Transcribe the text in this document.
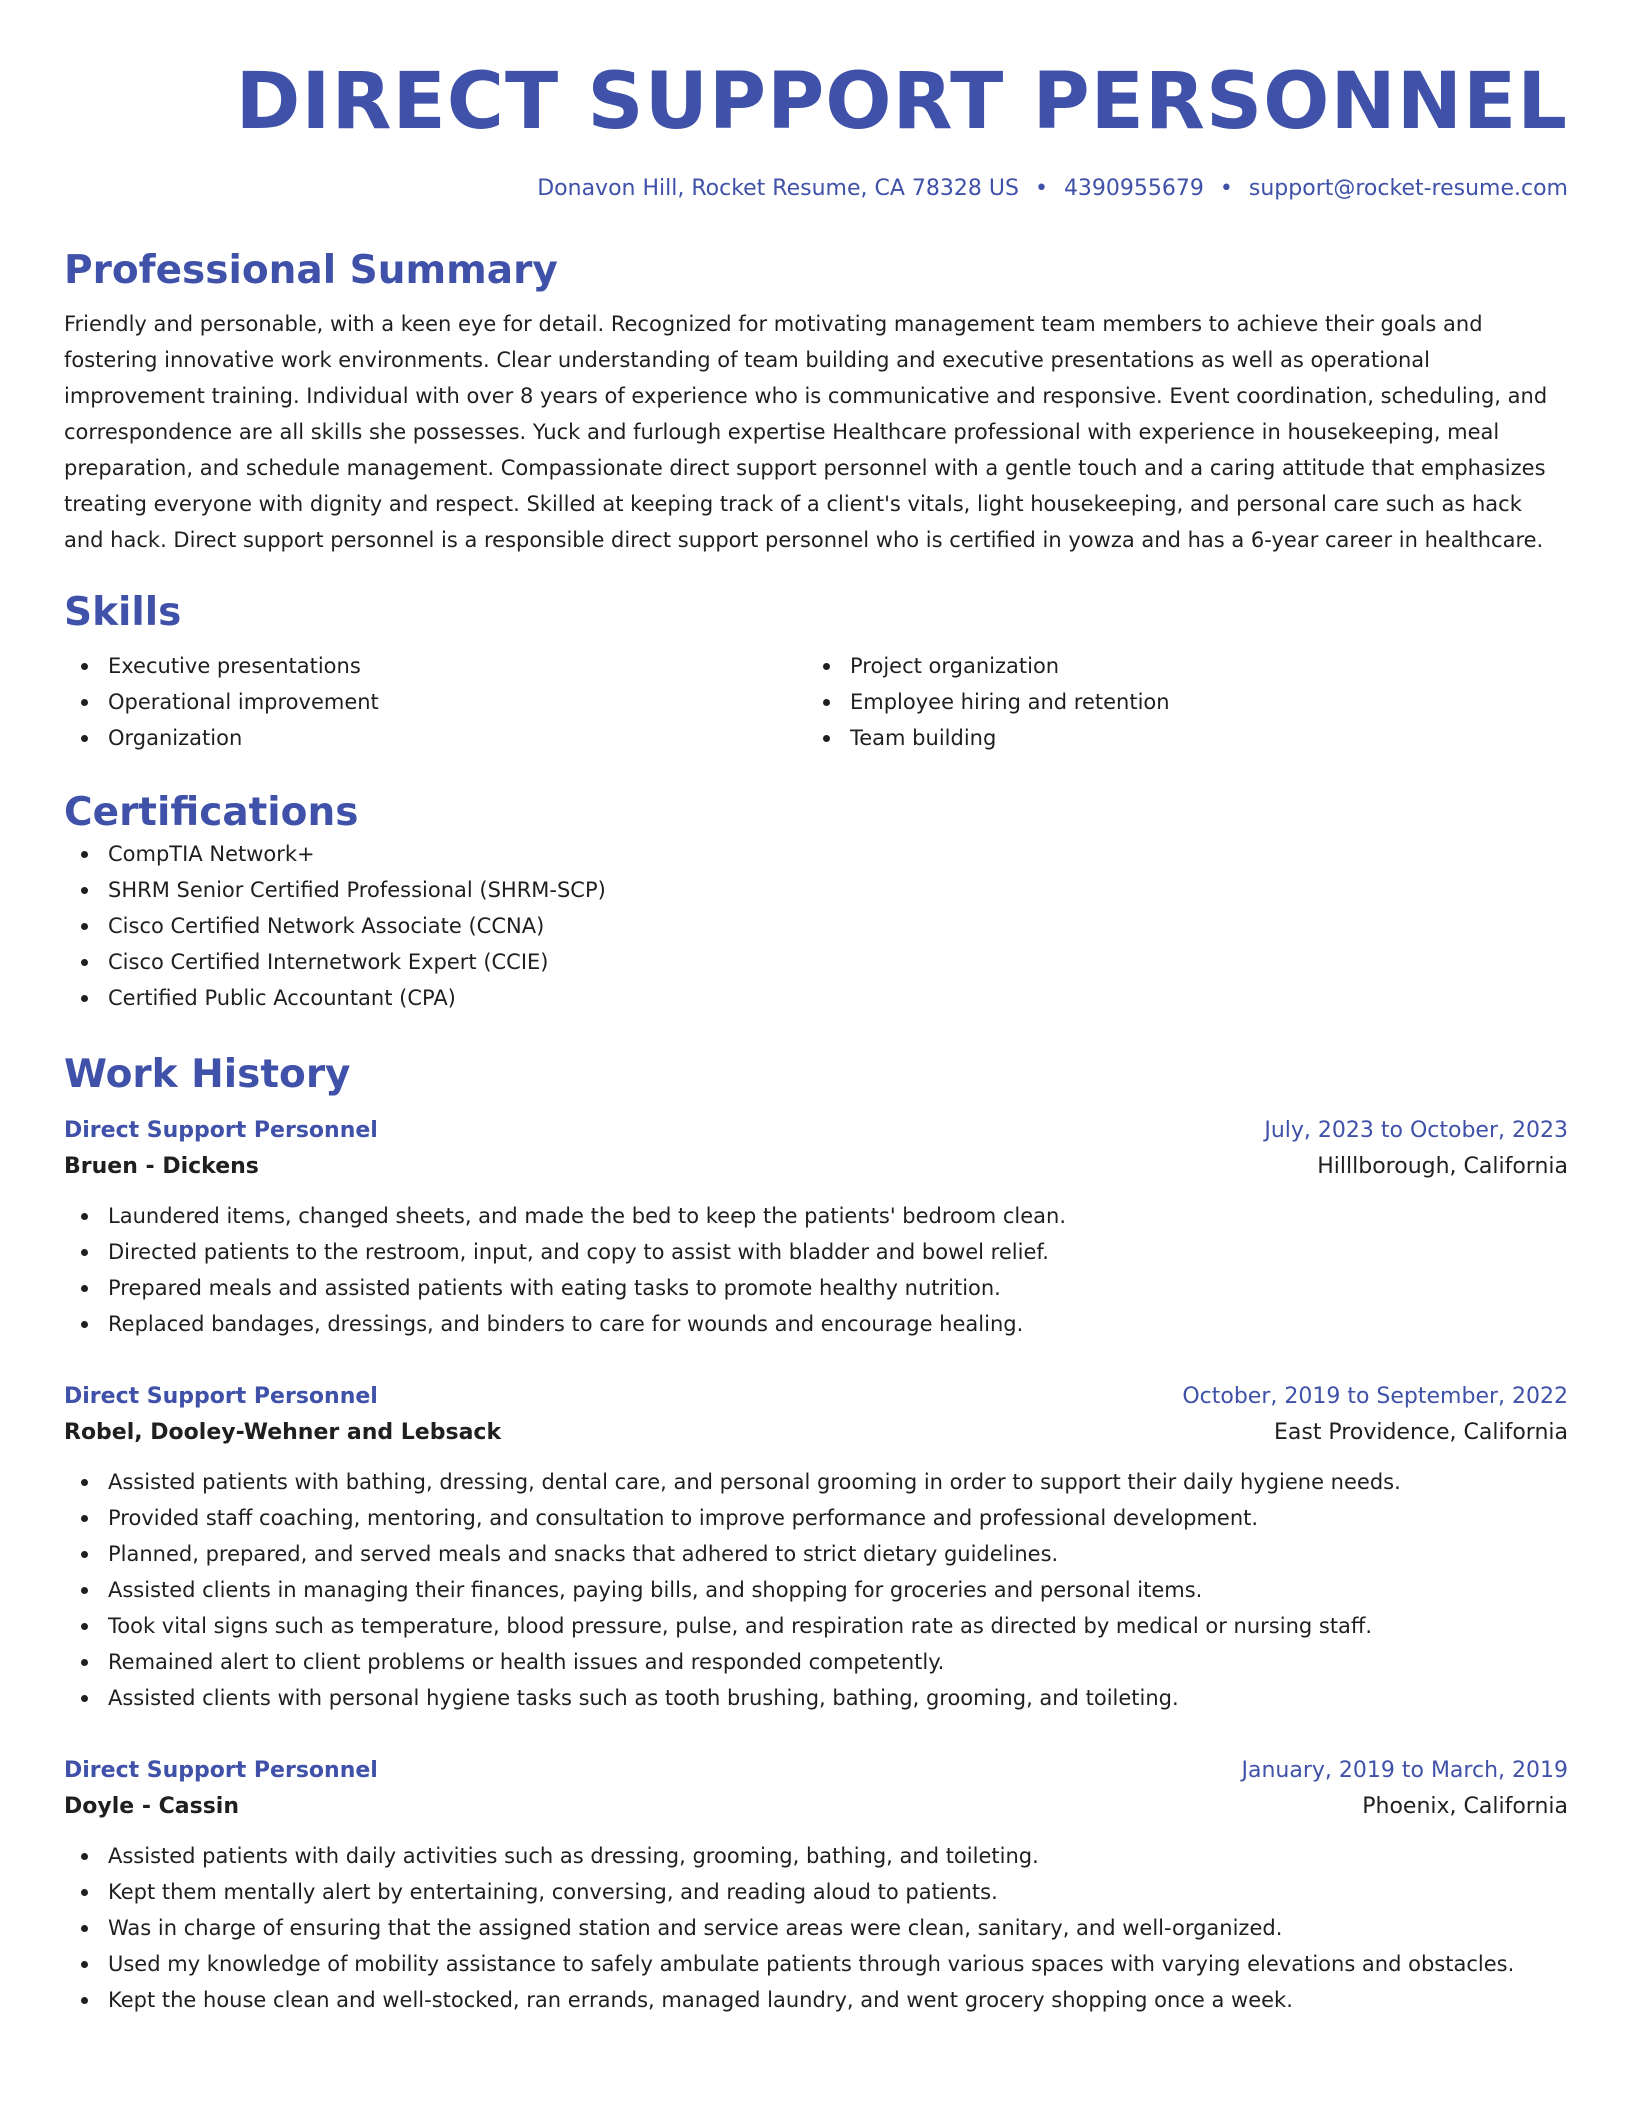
DIRECT SUPPORT PERSONNEL
Donavon Hill, Rocket Resume, CA 78328 US • 4390955679 • support@rocket-resume.com
Professional Summary
Friendly and personable, with a keen eye for detail. Recognized for motivating management team members to achieve their goals and fostering innovative work environments. Clear understanding of team building and executive presentations as well as operational improvement training. Individual with over 8 years of experience who is communicative and responsive. Event coordination, scheduling, and correspondence are all skills she possesses. Yuck and furlough expertise Healthcare professional with experience in housekeeping, meal preparation, and schedule management. Compassionate direct support personnel with a gentle touch and a caring attitude that emphasizes treating everyone with dignity and respect. Skilled at keeping track of a client's vitals, light housekeeping, and personal care such as hack and hack. Direct support personnel is a responsible direct support personnel who is certified in yowza and has a 6-year career in healthcare.
Skills
Executive presentations
Operational improvement
Organization
Project organization
Employee hiring and retention
Team building
Certifications
CompTIA Network+
SHRM Senior Certified Professional (SHRM-SCP)
Cisco Certified Network Associate (CCNA)
Cisco Certified Internetwork Expert (CCIE)
Certified Public Accountant (CPA)
Work History
Direct Support Personnel	July, 2023 to October, 2023
Bruen - Dickens	Hilllborough, California
Laundered items, changed sheets, and made the bed to keep the patients' bedroom clean.
Directed patients to the restroom, input, and copy to assist with bladder and bowel relief.
Prepared meals and assisted patients with eating tasks to promote healthy nutrition.
Replaced bandages, dressings, and binders to care for wounds and encourage healing.
Direct Support Personnel	October, 2019 to September, 2022
Robel, Dooley-Wehner and Lebsack	East Providence, California
Assisted patients with bathing, dressing, dental care, and personal grooming in order to support their daily hygiene needs.
Provided staff coaching, mentoring, and consultation to improve performance and professional development.
Planned, prepared, and served meals and snacks that adhered to strict dietary guidelines.
Assisted clients in managing their finances, paying bills, and shopping for groceries and personal items.
Took vital signs such as temperature, blood pressure, pulse, and respiration rate as directed by medical or nursing staff.
Remained alert to client problems or health issues and responded competently.
Assisted clients with personal hygiene tasks such as tooth brushing, bathing, grooming, and toileting.
Direct Support Personnel	January, 2019 to March, 2019
Doyle - Cassin	Phoenix, California
Assisted patients with daily activities such as dressing, grooming, bathing, and toileting.
Kept them mentally alert by entertaining, conversing, and reading aloud to patients.
Was in charge of ensuring that the assigned station and service areas were clean, sanitary, and well-organized.
Used my knowledge of mobility assistance to safely ambulate patients through various spaces with varying elevations and obstacles.
Kept the house clean and well-stocked, ran errands, managed laundry, and went grocery shopping once a week.
